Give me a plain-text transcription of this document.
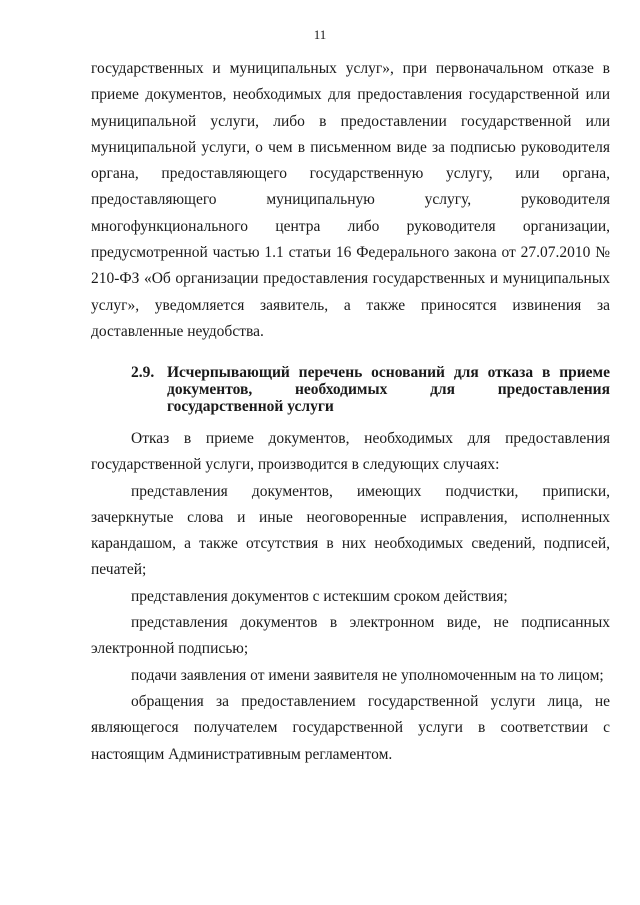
11

государственных и муниципальных услуг», при первоначальном отказе в приеме документов, необходимых для предоставления государственной или муниципальной услуги, либо в предоставлении государственной или муниципальной услуги, о чем в письменном виде за подписью руководителя органа, предоставляющего государственную услугу, или органа, предоставляющего муниципальную услугу, руководителя многофункционального центра либо руководителя организации, предусмотренной частью 1.1 статьи 16 Федерального закона от 27.07.2010 № 210-ФЗ «Об организации предоставления государственных и муниципальных услуг», уведомляется заявитель, а также приносятся извинения за доставленные неудобства.

2.9. Исчерпывающий перечень оснований для отказа в приеме документов, необходимых для предоставления государственной услуги

Отказ в приеме документов, необходимых для предоставления государственной услуги, производится в следующих случаях:

представления документов, имеющих подчистки, приписки, зачеркнутые слова и иные неоговоренные исправления, исполненных карандашом, а также отсутствия в них необходимых сведений, подписей, печатей;

представления документов с истекшим сроком действия;

представления документов в электронном виде, не подписанных электронной подписью;

подачи заявления от имени заявителя не уполномоченным на то лицом;

обращения за предоставлением государственной услуги лица, не являющегося получателем государственной услуги в соответствии с настоящим Административным регламентом.
